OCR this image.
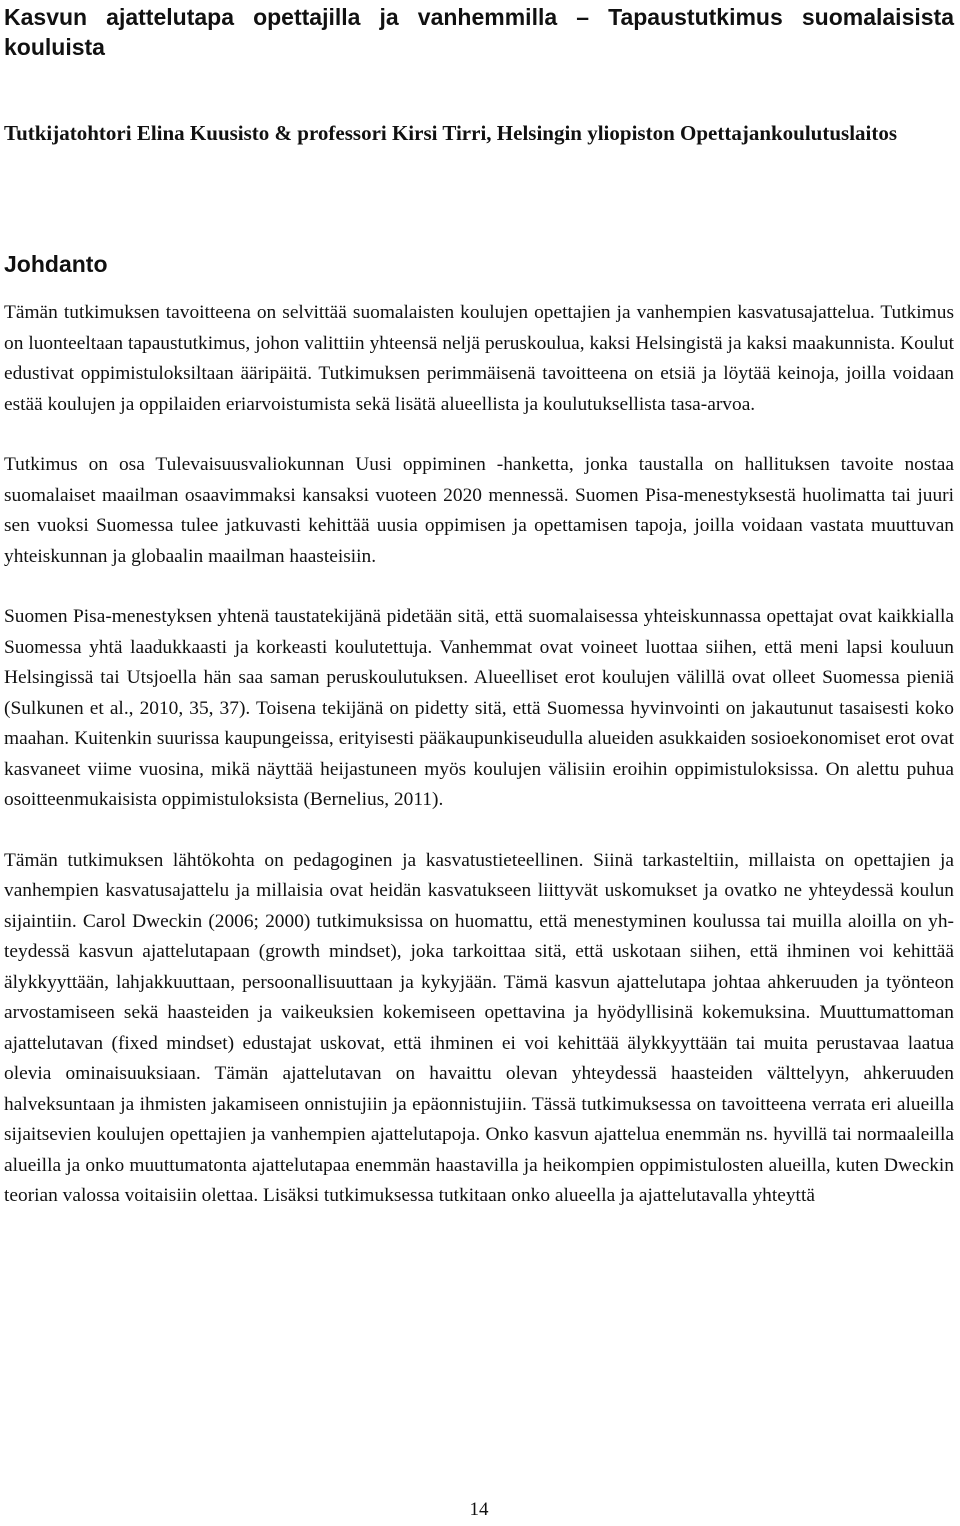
Kasvun ajattelutapa opettajilla ja vanhemmilla – Tapaustutkimus suomalaisista kouluista

Tutkijatohtori Elina Kuusisto & professori Kirsi Tirri, Helsingin yliopiston Opettajankoulutuslaitos

Johdanto

Tämän tutkimuksen tavoitteena on selvittää suomalaisten koulujen opettajien ja vanhempien kasvatusajattelua. Tutkimus on luonteeltaan tapaustutkimus, johon valittiin yhteensä neljä peruskoulua, kaksi Helsingistä ja kaksi maakunnista. Koulut edustivat oppimistuloksiltaan ääripäitä. Tutkimuksen perimmäisenä tavoitteena on etsiä ja löytää keinoja, joilla voidaan estää koulujen ja oppilaiden eriarvoistumista sekä lisätä alueellista ja koulutuksellista tasa-arvoa.

Tutkimus on osa Tulevaisuusvaliokunnan Uusi oppiminen -hanketta, jonka taustalla on hallituksen tavoite nostaa suomalaiset maailman osaavimmaksi kansaksi vuoteen 2020 mennessä. Suomen Pisa-menestyksestä huolimatta tai juuri sen vuoksi Suomessa tulee jatkuvasti kehittää uusia oppimisen ja opettamisen tapoja, joilla voidaan vastata muuttuvan yhteiskunnan ja globaalin maailman haasteisiin.

Suomen Pisa-menestyksen yhtenä taustatekijänä pidetään sitä, että suomalaisessa yhteiskunnassa opettajat ovat kaikkialla Suomessa yhtä laadukkaasti ja korkeasti koulutettuja. Vanhemmat ovat voineet luottaa siihen, että meni lapsi kouluun Helsingissä tai Utsjoella hän saa saman peruskoulutuksen. Alueelliset erot koulujen välillä ovat olleet Suomessa pieniä (Sulkunen et al., 2010, 35, 37). Toisena tekijänä on pidetty sitä, että Suomessa hyvinvointi on jakautunut tasaisesti koko maahan. Kuitenkin suurissa kaupungeissa, erityisesti pääkaupunkiseudulla alueiden asukkaiden sosioekonomiset erot ovat kasvaneet viime vuosina, mikä näyttää heijastuneen myös koulujen välisiin eroihin oppimistuloksissa. On alettu puhua osoitteenmukaisista oppimistuloksista (Bernelius, 2011).

Tämän tutkimuksen lähtökohta on pedagoginen ja kasvatustieteellinen. Siinä tarkasteltiin, millaista on opettajien ja vanhempien kasvatusajattelu ja millaisia ovat heidän kasvatukseen liittyvät uskomukset ja ovatko ne yhteydessä koulun sijaintiin. Carol Dweckin (2006; 2000) tutkimuksissa on huomattu, että menestyminen koulussa tai muilla aloilla on yhteydessä kasvun ajattelutapaan (growth mindset), joka tarkoittaa sitä, että uskotaan siihen, että ihminen voi kehittää älykkyyttään, lahjakkuuttaan, persoonallisuuttaan ja kykyjään. Tämä kasvun ajattelutapa johtaa ahkeruuden ja työnteon arvostamiseen sekä haasteiden ja vaikeuksien kokemiseen opettavina ja hyödyllisinä kokemuksina. Muuttumattoman ajattelutavan (fixed mindset) edustajat uskovat, että ihminen ei voi kehittää älykkyyttään tai muita perustavaa laatua olevia ominaisuuksiaan. Tämän ajattelutavan on havaittu olevan yhteydessä haasteiden välttelyyn, ahkeruuden halveksuntaan ja ihmisten jakamiseen onnistujiin ja epäonnistujiin. Tässä tutkimuksessa on tavoitteena verrata eri alueilla sijaitsevien koulujen opettajien ja vanhempien ajattelutapoja. Onko kasvun ajattelua enemmän ns. hyvillä tai normaaleilla alueilla ja onko muuttumatonta ajattelutapaa enemmän haastavilla ja heikompien oppimistulosten alueilla, kuten Dweckin teorian valossa voitaisiin olettaa. Lisäksi tutkimuksessa tutkitaan onko alueella ja ajattelutavalla yhteyttä

14
